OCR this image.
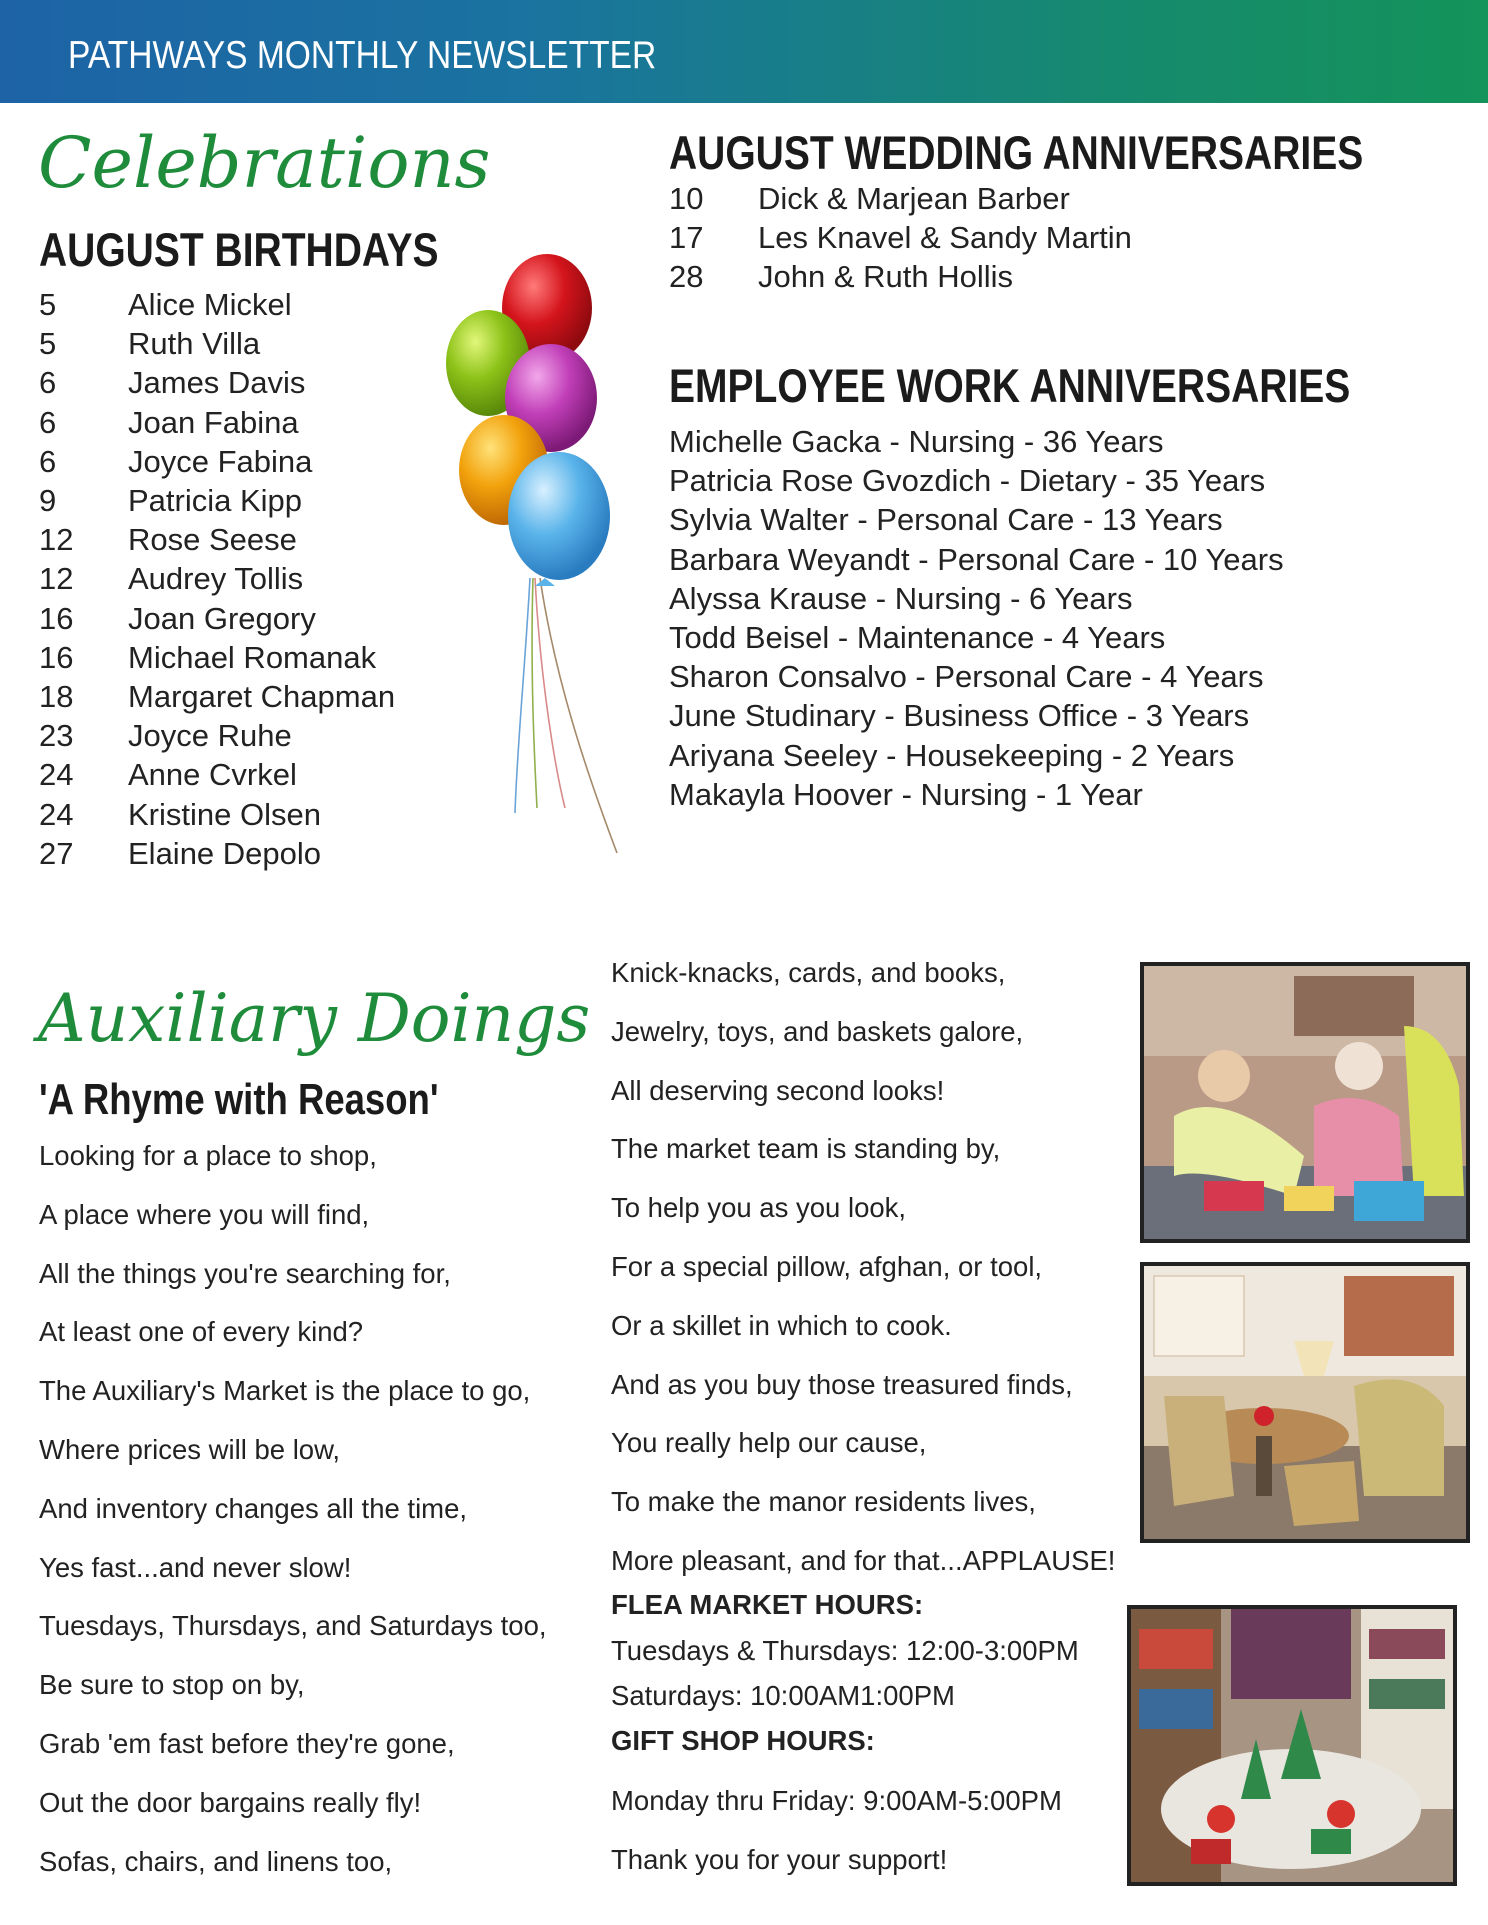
PATHWAYS MONTHLY NEWSLETTER
Celebrations
AUGUST BIRTHDAYS
5	Alice Mickel
5	Ruth Villa
6	James Davis
6	Joan Fabina
6	Joyce Fabina
9	Patricia Kipp
12	Rose Seese
12	Audrey Tollis
16	Joan Gregory
16	Michael Romanak
18	Margaret Chapman
23	Joyce Ruhe
24	Anne Cvrkel
24	Kristine Olsen
27	Elaine Depolo
AUGUST WEDDING ANNIVERSARIES
10	Dick & Marjean Barber
17	Les Knavel & Sandy Martin
28	John & Ruth Hollis
EMPLOYEE WORK ANNIVERSARIES
Michelle Gacka - Nursing - 36 Years
Patricia Rose Gvozdich - Dietary - 35 Years
Sylvia Walter - Personal Care - 13 Years
Barbara Weyandt - Personal Care - 10 Years
Alyssa Krause - Nursing - 6 Years
Todd Beisel - Maintenance - 4 Years
Sharon Consalvo - Personal Care - 4 Years
June Studinary - Business Office - 3 Years
Ariyana Seeley - Housekeeping - 2 Years
Makayla Hoover - Nursing - 1 Year
Auxiliary Doings
'A Rhyme with Reason'
Looking for a place to shop,
A place where you will find,
All the things you're searching for,
At least one of every kind?
The Auxiliary's Market is the place to go,
Where prices will be low,
And inventory changes all the time,
Yes fast...and never slow!
Tuesdays, Thursdays, and Saturdays too,
Be sure to stop on by,
Grab 'em fast before they're gone,
Out the door bargains really fly!
Sofas, chairs, and linens too,
Knick-knacks, cards, and books,
Jewelry, toys, and baskets galore,
All deserving second looks!
The market team is standing by,
To help you as you look,
For a special pillow, afghan, or tool,
Or a skillet in which to cook.
And as you buy those treasured finds,
You really help our cause,
To make the manor residents lives,
More pleasant, and for that...APPLAUSE!
FLEA MARKET HOURS:
Tuesdays & Thursdays: 12:00-3:00PM
Saturdays: 10:00AM1:00PM
GIFT SHOP HOURS:
Monday thru Friday: 9:00AM-5:00PM
Thank you for your support!
